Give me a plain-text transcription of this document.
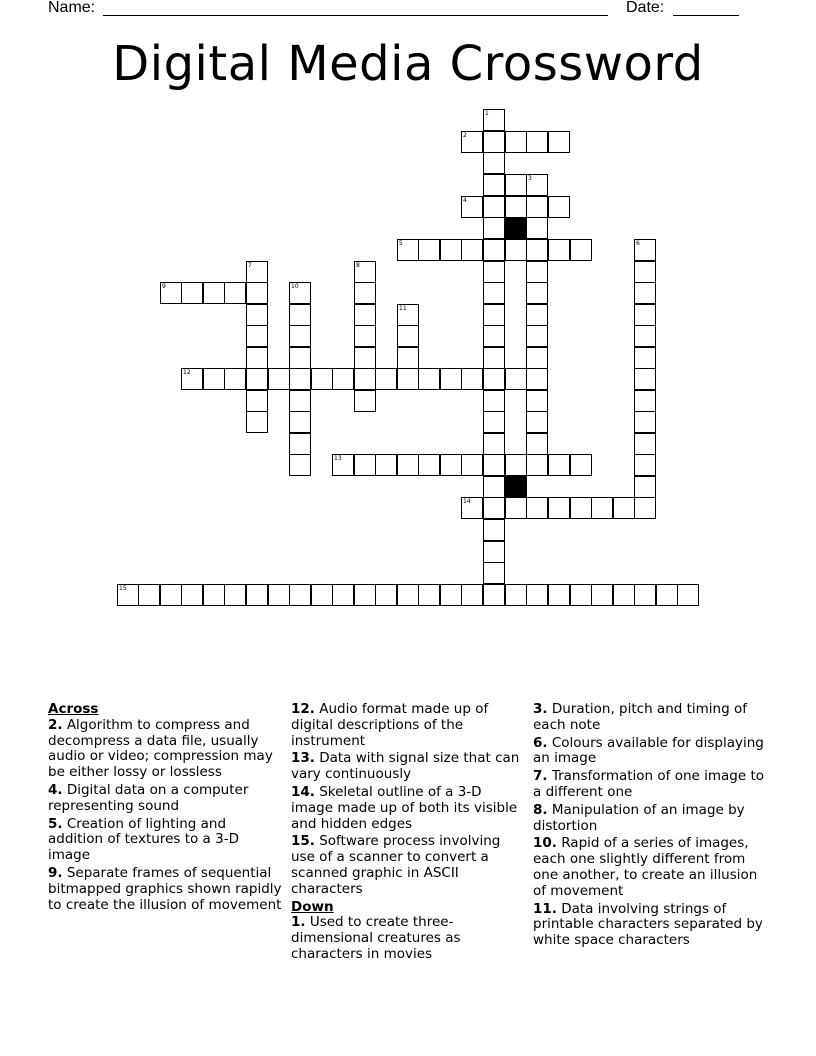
Name:	Date:
Digital Media Crossword
1
2
3
4
5	6
7	8
9	10
11
12
13
14
15

Across

2. Algorithm to compress and decompress a data file, usually audio or video; compression may be either lossy or lossless

4. Digital data on a computer representing sound

5. Creation of lighting and addition of textures to a 3-D image

9. Separate frames of sequential bitmapped graphics shown rapidly to create the illusion of movement

12. Audio format made up of digital descriptions of the instrument

13. Data with signal size that can vary continuously

14. Skeletal outline of a 3-D image made up of both its visible and hidden edges

15. Software process involving use of a scanner to convert a scanned graphic in ASCII characters

Down

1. Used to create three-dimensional creatures as characters in movies

3. Duration, pitch and timing of each note

6. Colours available for displaying an image

7. Transformation of one image to a different one

8. Manipulation of an image by distortion

10. Rapid of a series of images, each one slightly different from one another, to create an illusion of movement

11. Data involving strings of printable characters separated by white space characters
